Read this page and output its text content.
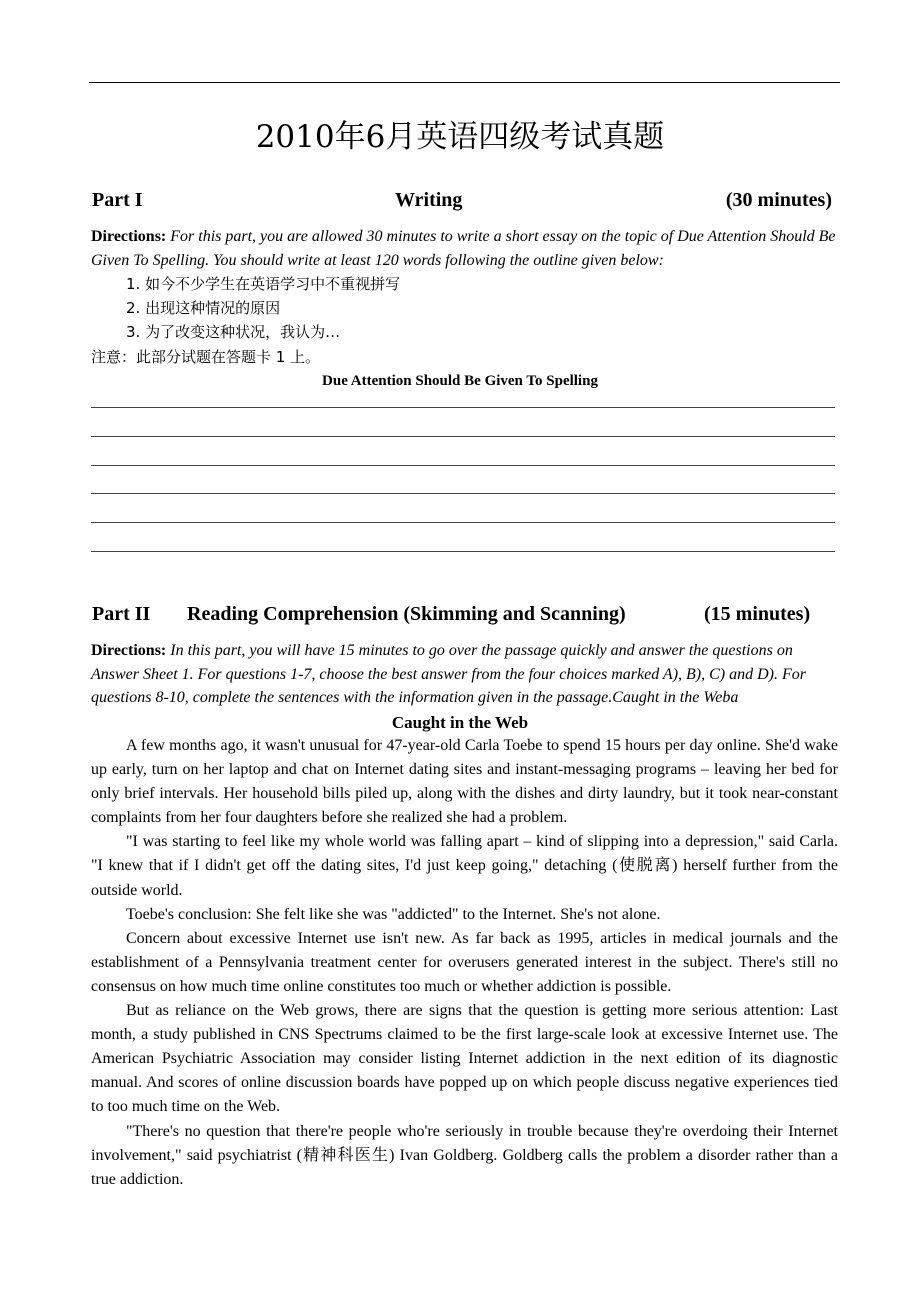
2010年6月英语四级考试真题
Part I	Writing	(30 minutes)
Directions: For this part, you are allowed 30 minutes to write a short essay on the topic of Due Attention Should Be Given To Spelling. You should write at least 120 words following the outline given below:
1. 如今不少学生在英语学习中不重视拼写
2. 出现这种情况的原因
3. 为了改变这种状况，我认为…
注意：此部分试题在答题卡 1 上。
Due Attention Should Be Given To Spelling
Part II Reading Comprehension (Skimming and Scanning)	(15 minutes)
Directions: In this part, you will have 15 minutes to go over the passage quickly and answer the questions on Answer Sheet 1. For questions 1-7, choose the best answer from the four choices marked A), B), C) and D). For questions 8-10, complete the sentences with the information given in the passage.Caught in the Weba
Caught in the Web

A few months ago, it wasn't unusual for 47-year-old Carla Toebe to spend 15 hours per day online. She'd wake up early, turn on her laptop and chat on Internet dating sites and instant-messaging programs – leaving her bed for only brief intervals. Her household bills piled up, along with the dishes and dirty laundry, but it took near-constant complaints from her four daughters before she realized she had a problem.

"I was starting to feel like my whole world was falling apart – kind of slipping into a depression," said Carla. "I knew that if I didn't get off the dating sites, I'd just keep going," detaching (使脱离) herself further from the outside world.

Toebe's conclusion: She felt like she was "addicted" to the Internet. She's not alone.

Concern about excessive Internet use isn't new. As far back as 1995, articles in medical journals and the establishment of a Pennsylvania treatment center for overusers generated interest in the subject. There's still no consensus on how much time online constitutes too much or whether addiction is possible.

But as reliance on the Web grows, there are signs that the question is getting more serious attention: Last month, a study published in CNS Spectrums claimed to be the first large-scale look at excessive Internet use. The American Psychiatric Association may consider listing Internet addiction in the next edition of its diagnostic manual. And scores of online discussion boards have popped up on which people discuss negative experiences tied to too much time on the Web.

"There's no question that there're people who're seriously in trouble because they're overdoing their Internet involvement," said psychiatrist (精神科医生) Ivan Goldberg. Goldberg calls the problem a disorder rather than a true addiction.
